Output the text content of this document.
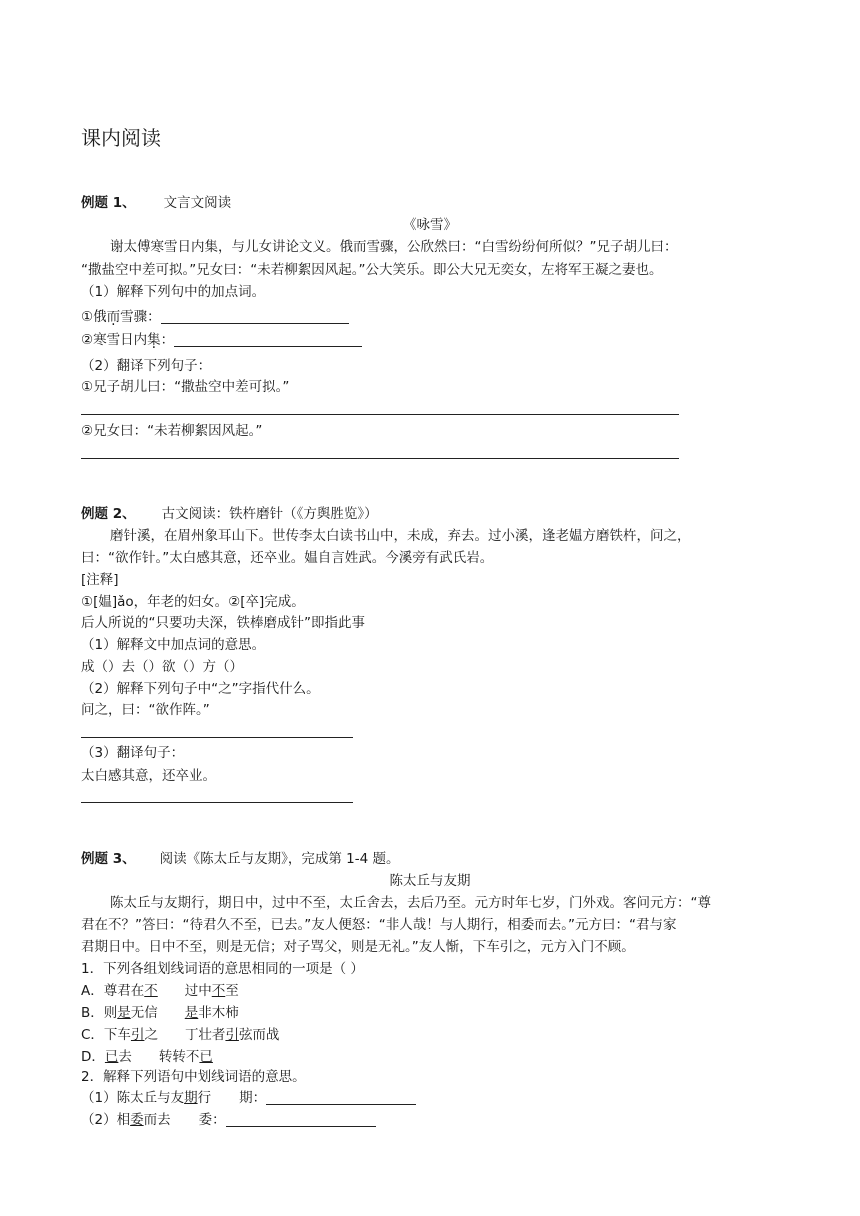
课内阅读
例题 1、 文言文阅读
《咏雪》
谢太傅寒雪日内集，与儿女讲论文义。俄而雪骤，公欣然曰：“白雪纷纷何所似？”兄子胡儿曰：
“撒盐空中差可拟。”兄女曰：“未若柳絮因风起。”公大笑乐。即公大兄无奕女，左将军王凝之妻也。
（1）解释下列句中的加点词。
①俄而雪骤：
②寒雪日内集：
（2）翻译下列句子：
①兄子胡儿曰：“撒盐空中差可拟。”
②兄女曰：“未若柳絮因风起。”
例题 2、 古文阅读：铁杵磨针（《方舆胜览》）
磨针溪，在眉州象耳山下。世传李太白读书山中，未成，弃去。过小溪，逢老媪方磨铁杵，问之，
曰：“欲作针。”太白感其意，还卒业。媪自言姓武。今溪旁有武氏岩。
[注释]
①[媪]ǎo，年老的妇女。②[卒]完成。
后人所说的“只要功夫深，铁棒磨成针”即指此事
（1）解释文中加点词的意思。
成（）去（）欲（）方（）
（2）解释下列句子中“之”字指代什么。
问之，曰：“欲作阵。”
（3）翻译句子：
太白感其意，还卒业。
例题 3、 阅读《陈太丘与友期》，完成第 1-4 题。
陈太丘与友期
陈太丘与友期行，期日中，过中不至，太丘舍去，去后乃至。元方时年七岁，门外戏。客问元方：“尊
君在不？”答曰：“待君久不至，已去。”友人便怒：“非人哉！与人期行，相委而去。”元方曰：“君与家
君期日中。日中不至，则是无信；对子骂父，则是无礼。”友人惭，下车引之，元方入门不顾。
1．下列各组划线词语的意思相同的一项是（ ）
A．尊君在不 过中不至
B．则是无信 是非木柿
C．下车引之 丁壮者引弦而战
D．已去 转转不已
2．解释下列语句中划线词语的意思。
（1）陈太丘与友期行 期：
（2）相委而去 委：
